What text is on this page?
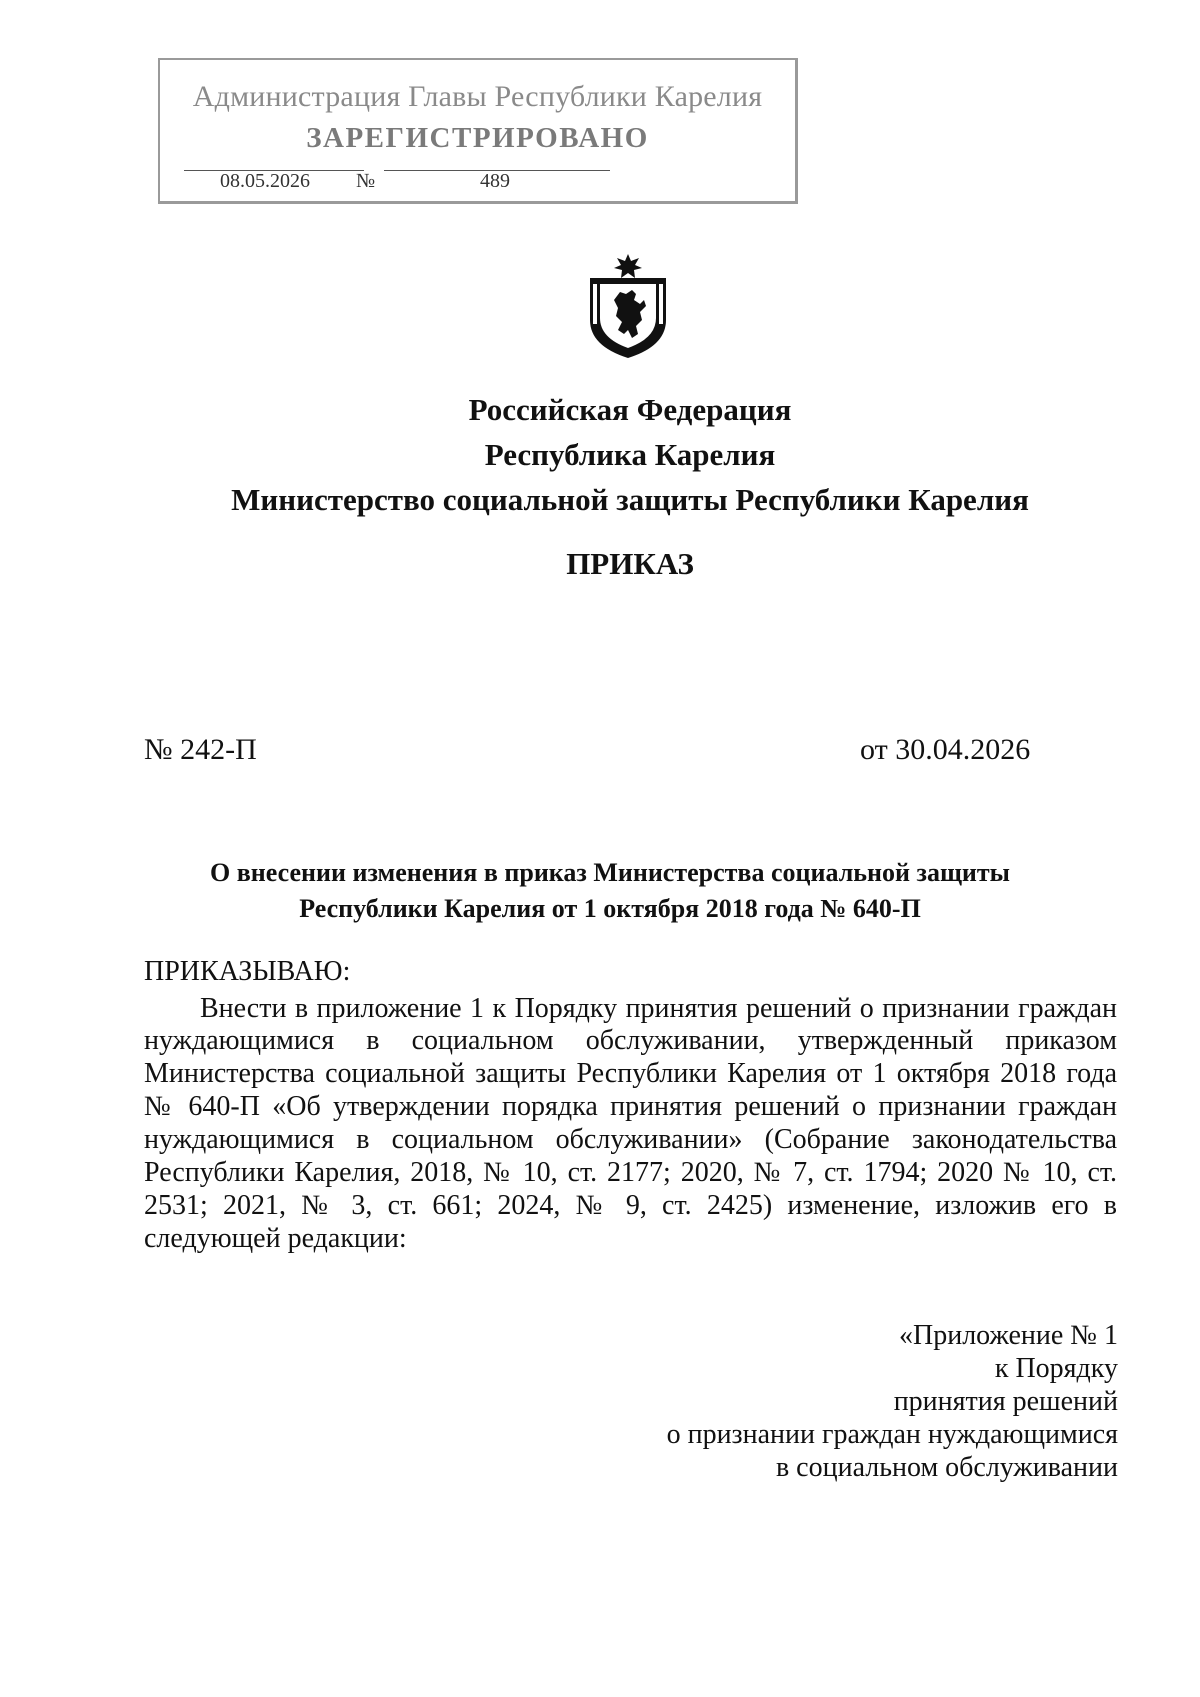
Администрация Главы Республики Карелия
ЗАРЕГИСТРИРОВАНО
08.05.2026 №	489
Российская Федерация
Республика Карелия
Министерство социальной защиты Республики Карелия
ПРИКАЗ
№ 242-П	от 30.04.2026
О внесении изменения в приказ Министерства социальной защиты
Республики Карелия от 1 октября 2018 года № 640-П
ПРИКАЗЫВАЮ:
Внести в приложение 1 к Порядку принятия решений о признании граждан
нуждающимися в социальном обслуживании, утвержденный приказом
Министерства социальной защиты Республики Карелия от 1 октября 2018 года
№ 640-П «Об утверждении порядка принятия решений о признании граждан
нуждающимися в социальном обслуживании» (Собрание законодательства
Республики Карелия, 2018, № 10, ст. 2177; 2020, № 7, ст. 1794; 2020 № 10, ст.
2531; 2021, № 3, ст. 661; 2024, № 9, ст. 2425) изменение, изложив его в
следующей редакции:
«Приложение № 1
к Порядку
принятия решений
о признании граждан нуждающимися
в социальном обслуживании
